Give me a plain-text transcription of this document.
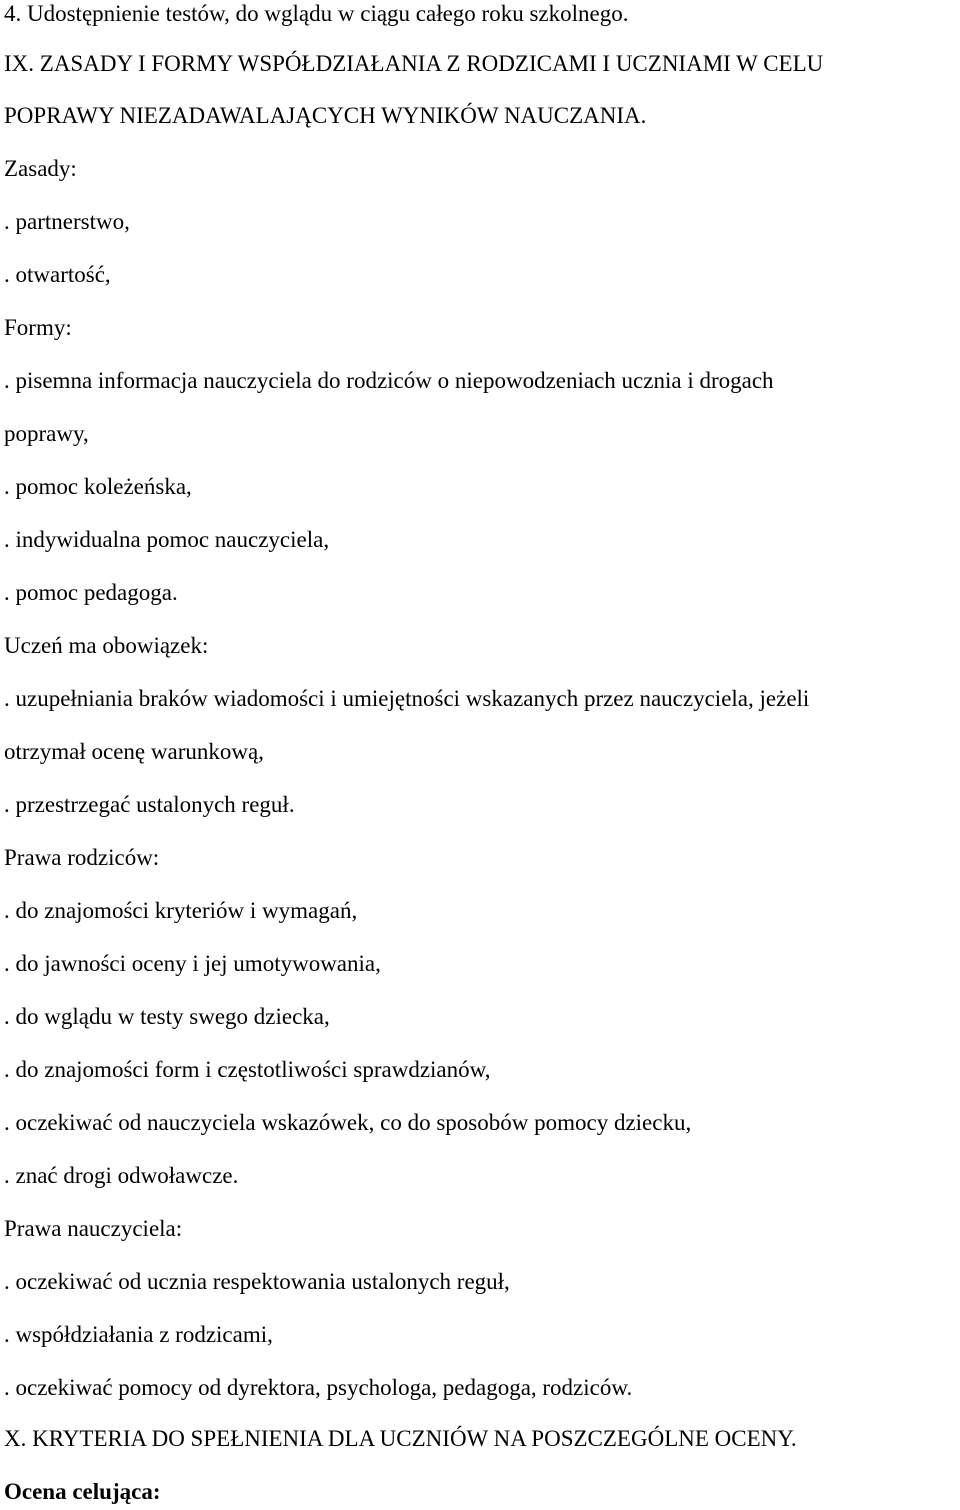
4. Udostępnienie testów, do wglądu w ciągu całego roku szkolnego.

IX. ZASADY I FORMY WSPÓŁDZIAŁANIA Z RODZICAMI I UCZNIAMI W CELU

POPRAWY NIEZADAWALAJĄCYCH WYNIKÓW NAUCZANIA.

Zasady:

. partnerstwo,

. otwartość,

Formy:

. pisemna informacja nauczyciela do rodziców o niepowodzeniach ucznia i drogach

poprawy,

. pomoc koleżeńska,

. indywidualna pomoc nauczyciela,

. pomoc pedagoga.

Uczeń ma obowiązek:

. uzupełniania braków wiadomości i umiejętności wskazanych przez nauczyciela, jeżeli

otrzymał ocenę warunkową,

. przestrzegać ustalonych reguł.

Prawa rodziców:

. do znajomości kryteriów i wymagań,

. do jawności oceny i jej umotywowania,

. do wglądu w testy swego dziecka,

. do znajomości form i częstotliwości sprawdzianów,

. oczekiwać od nauczyciela wskazówek, co do sposobów pomocy dziecku,

. znać drogi odwoławcze.

Prawa nauczyciela:

. oczekiwać od ucznia respektowania ustalonych reguł,

. współdziałania z rodzicami,

. oczekiwać pomocy od dyrektora, psychologa, pedagoga, rodziców.

X. KRYTERIA DO SPEŁNIENIA DLA UCZNIÓW NA POSZCZEGÓLNE OCENY.

Ocena celująca:
